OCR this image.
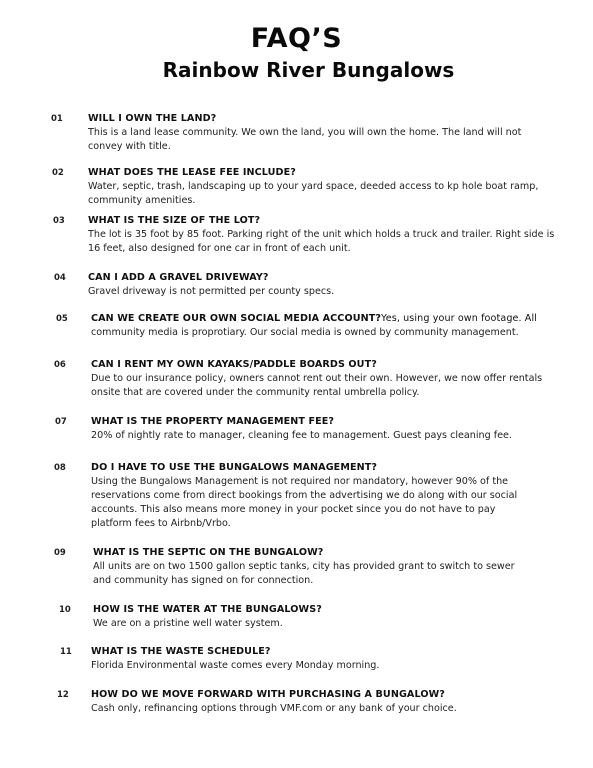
FAQ’S
Rainbow River Bungalows
01	WILL I OWN THE LAND?
This is a land lease community. We own the land, you will own the home. The land will not convey with title.
02	WHAT DOES THE LEASE FEE INCLUDE?
Water, septic, trash, landscaping up to your yard space, deeded access to kp hole boat ramp, community amenities.
03 WHAT IS THE SIZE OF THE LOT?
The lot is 35 foot by 85 foot. Parking right of the unit which holds a truck and trailer. Right side is 16 feet, also designed for one car in front of each unit.
04 CAN I ADD A GRAVEL DRIVEWAY?
Gravel driveway is not permitted per county specs.
05 CAN WE CREATE OUR OWN SOCIAL MEDIA ACCOUNT?Yes, using your own footage. All
community media is proprotiary. Our social media is owned by community management.
06	CAN I RENT MY OWN KAYAKS/PADDLE BOARDS OUT?
Due to our insurance policy, owners cannot rent out their own. However, we now offer rentals onsite that are covered under the community rental umbrella policy.
07	WHAT IS THE PROPERTY MANAGEMENT FEE?
20% of nightly rate to manager, cleaning fee to management. Guest pays cleaning fee.
08	DO I HAVE TO USE THE BUNGALOWS MANAGEMENT?
Using the Bungalows Management is not required nor mandatory, however 90% of the reservations come from direct bookings from the advertising we do along with our social accounts. This also means more money in your pocket since you do not have to pay platform fees to Airbnb/Vrbo.
09	WHAT IS THE SEPTIC ON THE BUNGALOW?
All units are on two 1500 gallon septic tanks, city has provided grant to switch to sewer and community has signed on for connection.
10 HOW IS THE WATER AT THE BUNGALOWS?
We are on a pristine well water system.
11 WHAT IS THE WASTE SCHEDULE?
Florida Environmental waste comes every Monday morning.
12 HOW DO WE MOVE FORWARD WITH PURCHASING A BUNGALOW?
Cash only, refinancing options through VMF.com or any bank of your choice.
